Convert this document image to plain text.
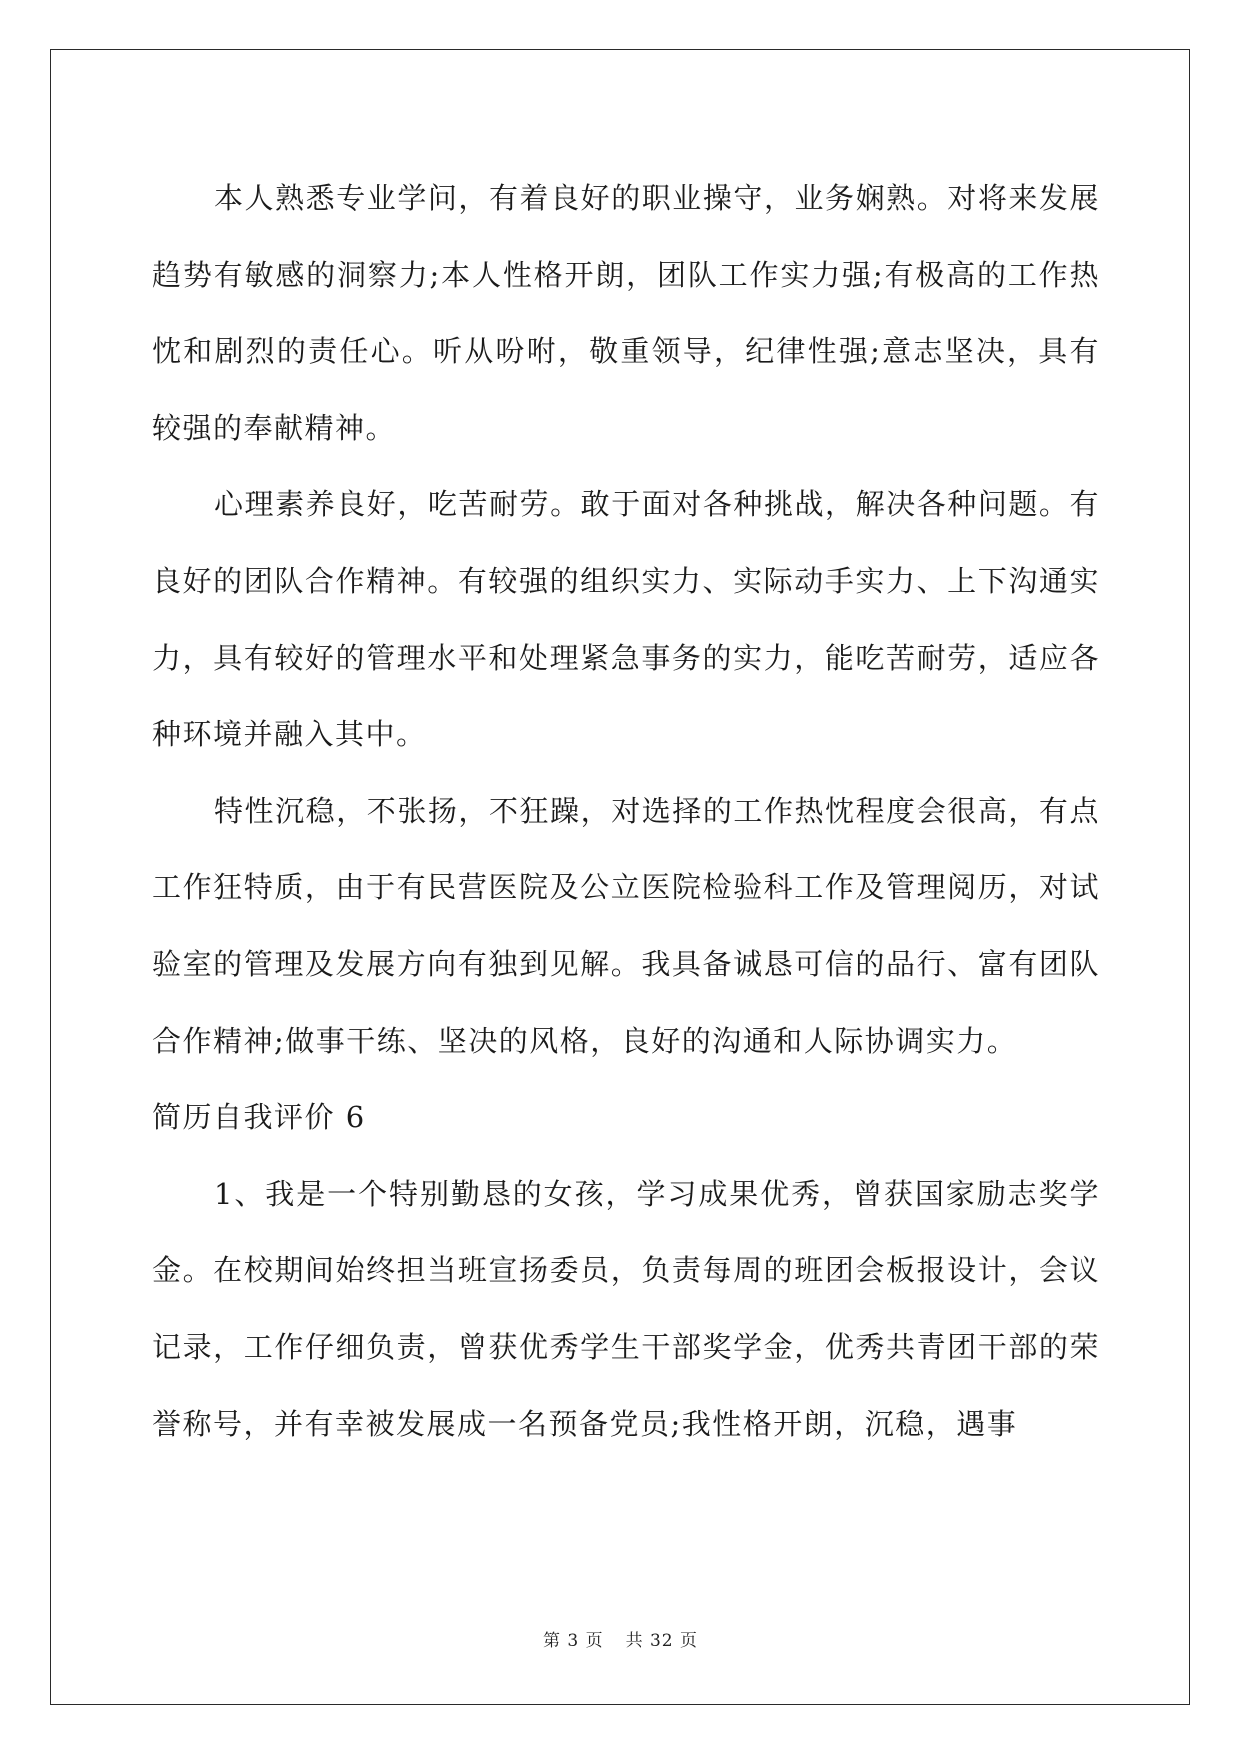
本人熟悉专业学问，有着良好的职业操守，业务娴熟。对将来发展趋势有敏感的洞察力;本人性格开朗，团队工作实力强;有极高的工作热忱和剧烈的责任心。听从吩咐，敬重领导，纪律性强;意志坚决，具有较强的奉献精神。

心理素养良好，吃苦耐劳。敢于面对各种挑战，解决各种问题。有良好的团队合作精神。有较强的组织实力、实际动手实力、上下沟通实力，具有较好的管理水平和处理紧急事务的实力，能吃苦耐劳，适应各种环境并融入其中。

特性沉稳，不张扬，不狂躁，对选择的工作热忱程度会很高，有点工作狂特质，由于有民营医院及公立医院检验科工作及管理阅历，对试验室的管理及发展方向有独到见解。我具备诚恳可信的品行、富有团队合作精神;做事干练、坚决的风格，良好的沟通和人际协调实力。

简历自我评价 6

1、我是一个特别勤恳的女孩，学习成果优秀，曾获国家励志奖学金。在校期间始终担当班宣扬委员，负责每周的班团会板报设计，会议记录，工作仔细负责，曾获优秀学生干部奖学金，优秀共青团干部的荣誉称号，并有幸被发展成一名预备党员;我性格开朗，沉稳，遇事

第 3 页 共 32 页
